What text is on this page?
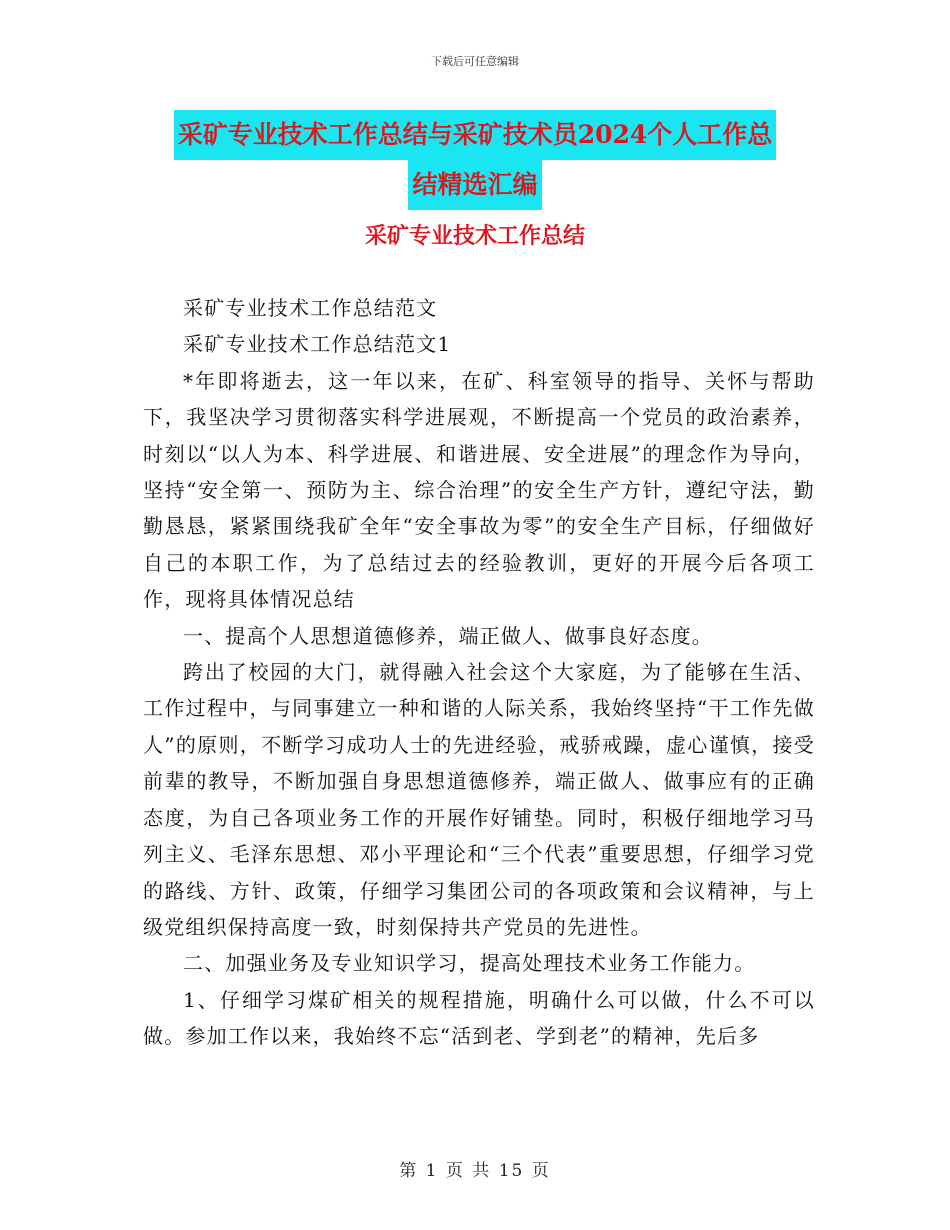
下载后可任意编辑
采矿专业技术工作总结与采矿技术员2024个人工作总
结精选汇编
采矿专业技术工作总结

采矿专业技术工作总结范文

采矿专业技术工作总结范文1

*年即将逝去，这一年以来，在矿、科室领导的指导、关怀与帮助下，我坚决学习贯彻落实科学进展观，不断提高一个党员的政治素养，时刻以“以人为本、科学进展、和谐进展、安全进展”的理念作为导向，坚持“安全第一、预防为主、综合治理”的安全生产方针，遵纪守法，勤勤恳恳，紧紧围绕我矿全年“安全事故为零”的安全生产目标，仔细做好自己的本职工作，为了总结过去的经验教训，更好的开展今后各项工作，现将具体情况总结

一、提高个人思想道德修养，端正做人、做事良好态度。

跨出了校园的大门，就得融入社会这个大家庭，为了能够在生活、工作过程中，与同事建立一种和谐的人际关系，我始终坚持“干工作先做人”的原则，不断学习成功人士的先进经验，戒骄戒躁，虚心谨慎，接受前辈的教导，不断加强自身思想道德修养，端正做人、做事应有的正确态度，为自己各项业务工作的开展作好铺垫。同时，积极仔细地学习马列主义、毛泽东思想、邓小平理论和“三个代表”重要思想，仔细学习党的路线、方针、政策，仔细学习集团公司的各项政策和会议精神，与上级党组织保持高度一致，时刻保持共产党员的先进性。

二、加强业务及专业知识学习，提高处理技术业务工作能力。

1、仔细学习煤矿相关的规程措施，明确什么可以做，什么不可以做。参加工作以来，我始终不忘“活到老、学到老”的精神，先后多

第 1 页 共 15 页
